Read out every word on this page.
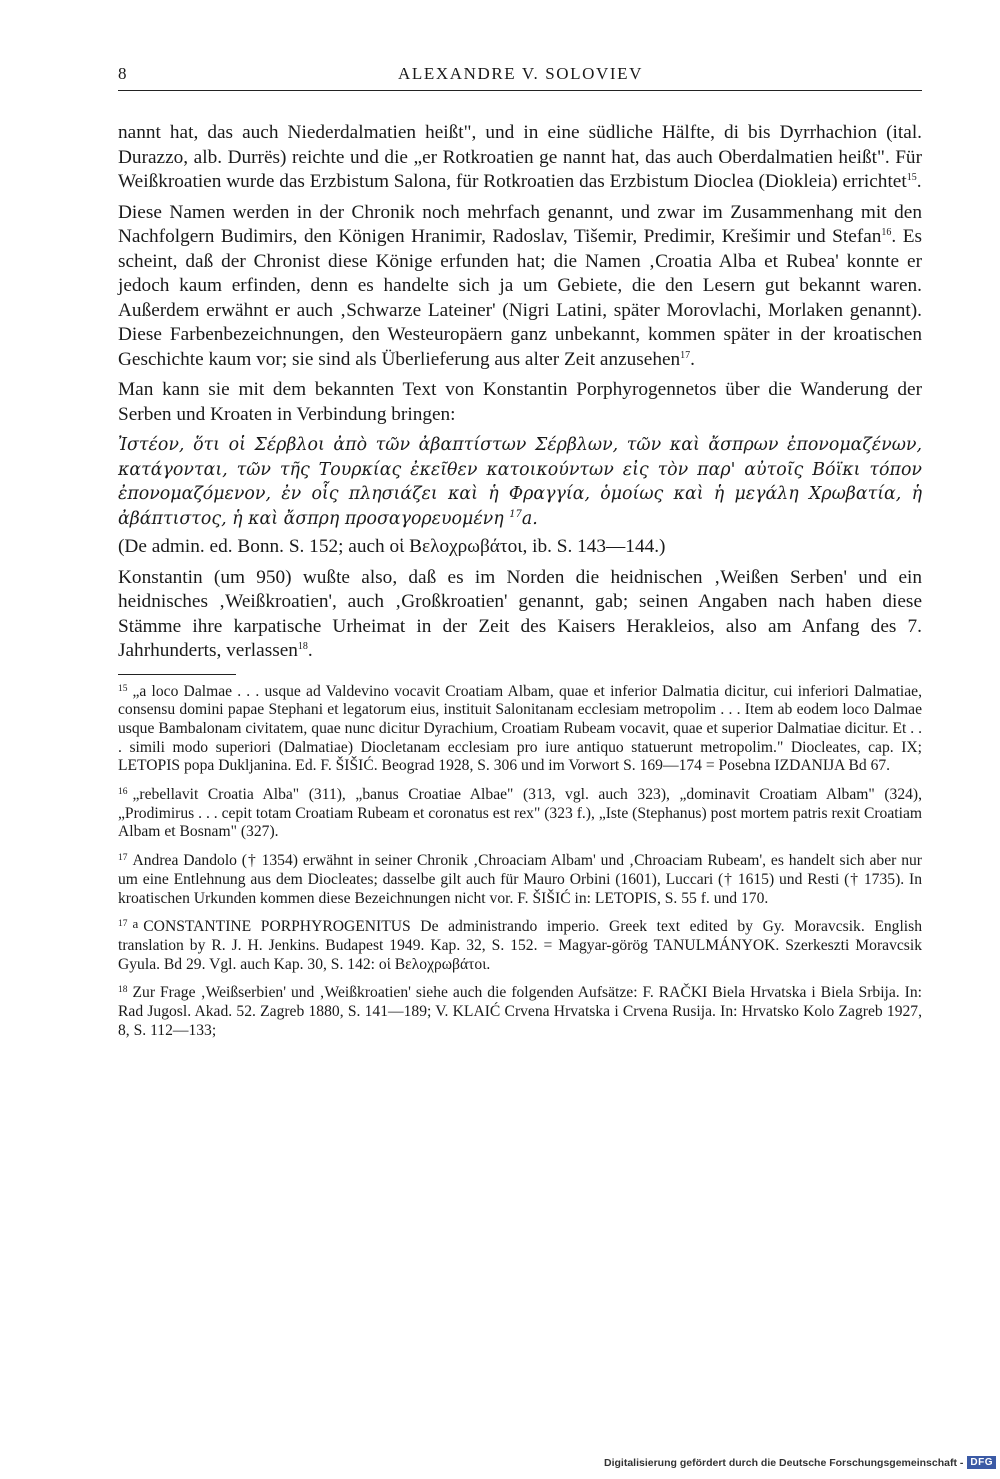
8	ALEXANDRE V. SOLOVIEV

nannt hat, das auch Niederdalmatien heißt", und in eine südliche Hälfte, di bis Dyrrhachion (ital. Durazzo, alb. Durrës) reichte und die „er Rotkroatien ge nannt hat, das auch Oberdalmatien heißt". Für Weißkroatien wurde das Erzbistum Salona, für Rotkroatien das Erzbistum Dioclea (Diokleia) errichtet$^{15}$.

Diese Namen werden in der Chronik noch mehrfach genannt, und zwar im Zusammenhang mit den Nachfolgern Budimirs, den Königen Hranimir, Radoslav, Tišemir, Predimir, Krešimir und Stefan$^{16}$. Es scheint, daß der Chronist diese Könige erfunden hat; die Namen ‚Croatia Alba et Rubea' konnte er jedoch kaum erfinden, denn es handelte sich ja um Gebiete, die den Lesern gut bekannt waren. Außerdem erwähnt er auch ‚Schwarze Lateiner' (Nigri Latini, später Morovlachi, Morlaken genannt). Diese Farbenbezeichnungen, den Westeuropäern ganz unbekannt, kommen später in der kroatischen Geschichte kaum vor; sie sind als Überlieferung aus alter Zeit anzusehen$^{17}$.

Man kann sie mit dem bekannten Text von Konstantin Porphyrogennetos über die Wanderung der Serben und Kroaten in Verbindung bringen:

Ἰστέον, ὅτι οἱ Σέρβλοι ἀπὸ τῶν ἀβαπτίστων Σέρβλων, τῶν καὶ ἄσπρων ἐπονομαζένων, κατάγονται, τῶν τῆς Τουρκίας ἐκεῖθεν κατοικούντων εἰς τὸν παρ' αὐτοῖς Βόϊκι τόπον ἐπονομαζόμενον, ἐν οἷς πλησιάζει καὶ ἡ Φραγγία, ὁμοίως καὶ ἡ μεγάλη Χρωβατία, ἡ ἀβάπτιστος, ἡ καὶ ἄσπρη προσαγορευομένη $^{17}$a.

(De admin. ed. Bonn. S. 152; auch οἱ Βελοχρωβάτοι, ib. S. 143—144.)

Konstantin (um 950) wußte also, daß es im Norden die heidnischen ‚Weißen Serben' und ein heidnisches ‚Weißkroatien', auch ‚Großkroatien' genannt, gab; seinen Angaben nach haben diese Stämme ihre karpatische Urheimat in der Zeit des Kaisers Herakleios, also am Anfang des 7. Jahrhunderts, verlassen$^{18}$.

$^{15}$ „a loco Dalmae . . . usque ad Valdevino vocavit Croatiam Albam, quae et inferior Dalmatia dicitur, cui inferiori Dalmatiae, consensu domini papae Stephani et legatorum eius, instituit Salonitanam ecclesiam metropolim . . . Item ab eodem loco Dalmae usque Bambalonam civitatem, quae nunc dicitur Dyrachium, Croatiam Rubeam vocavit, quae et superior Dalmatiae dicitur. Et . . . simili modo superiori (Dalmatiae) Diocletanam ecclesiam pro iure antiquo statuerunt metropolim." Diocleates, cap. IX; LETOPIS popa Dukljanina. Ed. F. ŠIŠIĆ. Beograd 1928, S. 306 und im Vorwort S. 169—174 = Posebna IZDANIJA Bd 67.

$^{16}$ „rebellavit Croatia Alba" (311), „banus Croatiae Albae" (313, vgl. auch 323), „dominavit Croatiam Albam" (324), „Prodimirus . . . cepit totam Croatiam Rubeam et coronatus est rex" (323 f.), „Iste (Stephanus) post mortem patris rexit Croatiam Albam et Bosnam" (327).

$^{17}$ Andrea Dandolo († 1354) erwähnt in seiner Chronik ‚Chroaciam Albam' und ‚Chroaciam Rubeam', es handelt sich aber nur um eine Entlehnung aus dem Diocleates; dasselbe gilt auch für Mauro Orbini (1601), Luccari († 1615) und Resti († 1735). In kroatischen Urkunden kommen diese Bezeichnungen nicht vor. F. ŠIŠIĆ in: LETOPIS, S. 55 f. und 170.

$^{17}$ a CONSTANTINE PORPHYROGENITUS De administrando imperio. Greek text edited by Gy. Moravcsik. English translation by R. J. H. Jenkins. Budapest 1949. Kap. 32, S. 152. = Magyar-görög TANULMÁNYOK. Szerkeszti Moravcsik Gyula. Bd 29. Vgl. auch Kap. 30, S. 142: οἱ Βελοχρωβάτοι.

$^{18}$ Zur Frage ‚Weißserbien' und ‚Weißkroatien' siehe auch die folgenden Aufsätze: F. RAČKI Biela Hrvatska i Biela Srbija. In: Rad Jugosl. Akad. 52. Zagreb 1880, S. 141—189; V. KLAIĆ Crvena Hrvatska i Crvena Rusija. In: Hrvatsko Kolo Zagreb 1927, 8, S. 112—133;

Digitalisierung gefördert durch die Deutsche Forschungsgemeinschaft - DFG
